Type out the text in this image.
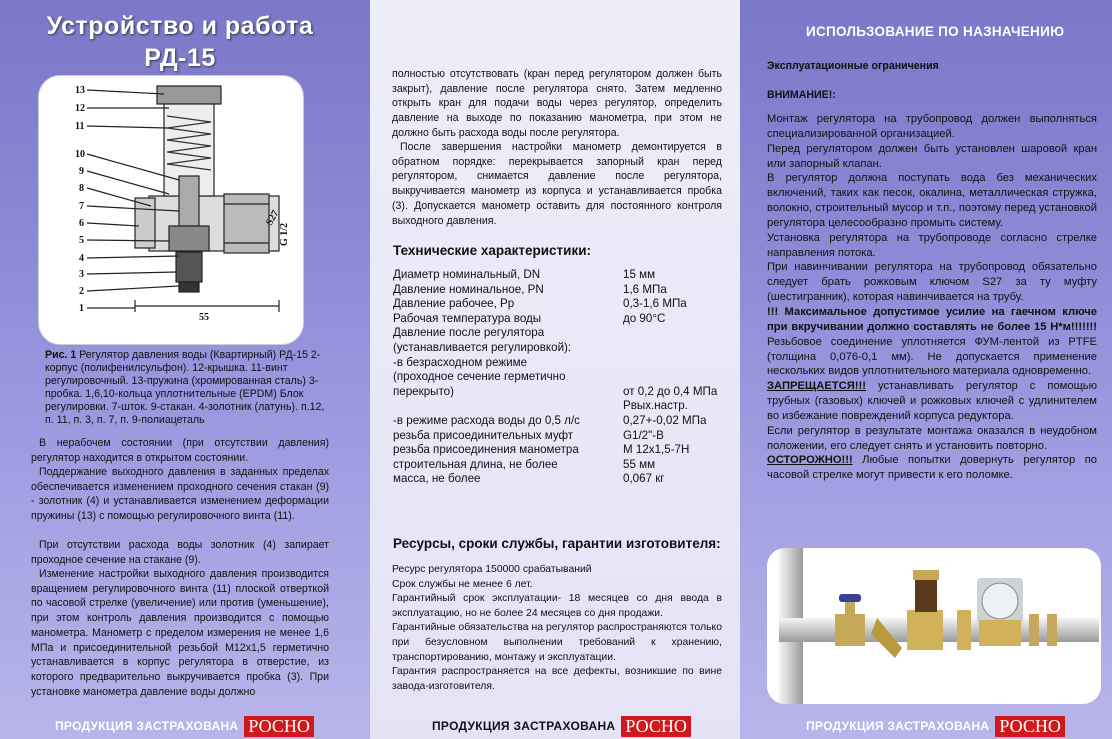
Устройство и работа
РД-15
13
12
11
10
9
8
7
6
5
4
3
2
1
55
G 1/2
S27
Рис. 1 Регулятор давления воды (Квартирный) РД-15 2-корпус (полифенилсульфон). 12-крышка. 11-винт регулировочный. 13-пружина (хромированная сталь) 3-пробка. 1,6,10-кольца уплотнительные (EPDM) Блок регулировки. 7-шток. 9-стакан. 4-золотник (латунь). п.12, п. 11, п. 3, п. 7, п. 9-полиацеталь

В нерабочем состоянии (при отсутствии давления) регулятор находится в открытом состоянии.

Поддержание выходного давления в заданных пределах обеспечивается изменением проходного сечения стакан (9) - золотник (4) и устанавливается изменением деформации пружины (13) с помощью регулировочного винта (11).

При отсутствии расхода воды золотник (4) запирает проходное сечение на стакане (9).

Изменение настройки выходного давления производится вращением регулировочного винта (11) плоской отверткой по часовой стрелке (увеличение) или против (уменьшение), при этом контроль давления производится с помощью манометра. Манометр с пределом измерения не менее 1,6 МПа и присоединительной резьбой М12х1,5 герметично устанавливается в корпус регулятора в отверстие, из которого предварительно выкручивается пробка (3). При установке манометра давление воды должно

ПРОДУКЦИЯ ЗАСТРАХОВАНА РОСНО

полностью отсутствовать (кран перед регулятором должен быть закрыт), давление после регулятора снято. Затем медленно открыть кран для подачи воды через регулятор, определить давление на выходе по показанию манометра, при этом не должно быть расхода воды после регулятора.

После завершения настройки манометр демонтируется в обратном порядке: перекрывается запорный кран перед регулятором, снимается давление после регулятора, выкручивается манометр из корпуса и устанавливается пробка (3). Допускается манометр оставить для постоянного контроля выходного давления.

Технические характеристики:
Диаметр номинальный, DN	15 мм
Давление номинальное, PN	1,6 МПа
Давление рабочее, Рр	0,3-1,6 МПа
Рабочая температура воды	до 90°С
Давление после регулятора
(устанавливается регулировкой):
-в безрасходном режиме
(проходное сечение герметично
перекрыто)	от 0,2 до 0,4 МПа
Рвых.настр.
-в режиме расхода воды до 0,5 л/с	0,27+-0,02 МПа
резьба присоединительных муфт	G1/2"-B
резьба присоединения манометра	М 12х1,5-7Н
строительная длина, не более	55 мм
масса, не более	0,067 кг
Ресурсы, сроки службы, гарантии изготовителя:

Ресурс регулятора 150000 срабатываний
Срок службы не менее 6 лет.
Гарантийный срок эксплуатации- 18 месяцев со дня ввода в эксплуатацию, но не более 24 месяцев со дня продажи.
Гарантийные обязательства на регулятор распространяются только при безусловном выполнении требований к хранению, транспортированию, монтажу и эксплуатации.
Гарантия распространяется на все дефекты, возникшие по вине завода-изготовителя.

ПРОДУКЦИЯ ЗАСТРАХОВАНА РОСНО
ИСПОЛЬЗОВАНИЕ ПО НАЗНАЧЕНИЮ
Эксплуатационные ограничения
ВНИМАНИЕ!:
Монтаж регулятора на трубопровод должен выполняться специализированной организацией.
Перед регулятором должен быть установлен шаровой кран или запорный клапан.
В регулятор должна поступать вода без механических включений, таких как песок, окалина, металлическая стружка, волокно, строительный мусор и т.п., поэтому перед установкой регулятора целесообразно промыть систему.
Установка регулятора на трубопроводе согласно стрелке направления потока.
При навинчивании регулятора на трубопровод обязательно следует брать рожковым ключом S27 за ту муфту (шестигранник), которая навинчивается на трубу.
!!! Максимальное допустимое усилие на гаечном ключе при вкручивании должно составлять не более 15 Н*м!!!!!!! Резьбовое соединение уплотняется ФУМ-лентой из PTFE (толщина 0,076-0,1 мм). Не допускается применение нескольких видов уплотнительного материала одновременно.
ЗАПРЕЩАЕТСЯ!!! устанавливать регулятор с помощью трубных (газовых) ключей и рожковых ключей с удлинителем во избежание повреждений корпуса редуктора.
Если регулятор в результате монтажа оказался в неудобном положении, его следует снять и установить повторно.
ОСТОРОЖНО!!! Любые попытки довернуть регулятор по часовой стрелке могут привести к его поломке.
ПРОДУКЦИЯ ЗАСТРАХОВАНА РОСНО
